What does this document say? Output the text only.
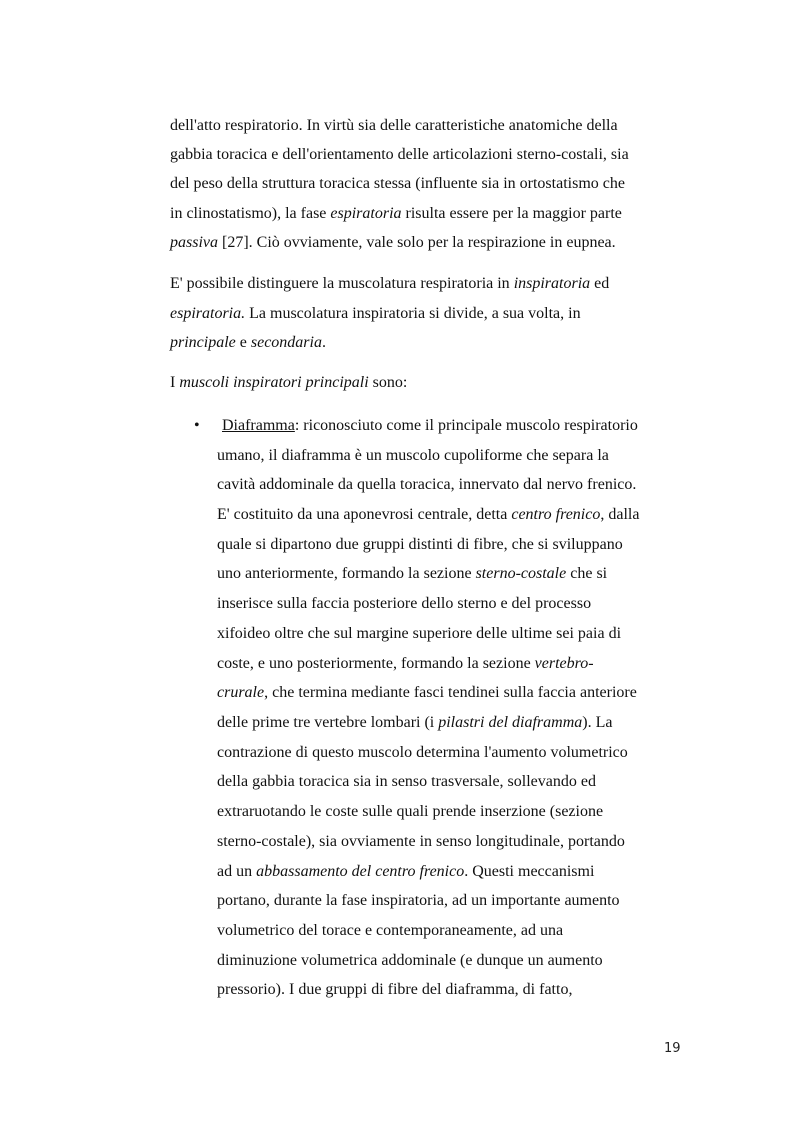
dell'atto respiratorio. In virtù sia delle caratteristiche anatomiche della
gabbia toracica e dell'orientamento delle articolazioni sterno-costali, sia
del peso della struttura toracica stessa (influente sia in ortostatismo che
in clinostatismo), la fase espiratoria risulta essere per la maggior parte
passiva [27]. Ciò ovviamente, vale solo per la respirazione in eupnea.
E' possibile distinguere la muscolatura respiratoria in inspiratoria ed
espiratoria. La muscolatura inspiratoria si divide, a sua volta, in
principale e secondaria.
I muscoli inspiratori principali sono:
• Diaframma: riconosciuto come il principale muscolo respiratorio
umano, il diaframma è un muscolo cupoliforme che separa la
cavità addominale da quella toracica, innervato dal nervo frenico.
E' costituito da una aponevrosi centrale, detta centro frenico, dalla
quale si dipartono due gruppi distinti di fibre, che si sviluppano
uno anteriormente, formando la sezione sterno-costale che si
inserisce sulla faccia posteriore dello sterno e del processo
xifoideo oltre che sul margine superiore delle ultime sei paia di
coste, e uno posteriormente, formando la sezione vertebro-
crurale, che termina mediante fasci tendinei sulla faccia anteriore
delle prime tre vertebre lombari (i pilastri del diaframma). La
contrazione di questo muscolo determina l'aumento volumetrico
della gabbia toracica sia in senso trasversale, sollevando ed
extraruotando le coste sulle quali prende inserzione (sezione
sterno-costale), sia ovviamente in senso longitudinale, portando
ad un abbassamento del centro frenico. Questi meccanismi
portano, durante la fase inspiratoria, ad un importante aumento
volumetrico del torace e contemporaneamente, ad una
diminuzione volumetrica addominale (e dunque un aumento
pressorio). I due gruppi di fibre del diaframma, di fatto,
19
